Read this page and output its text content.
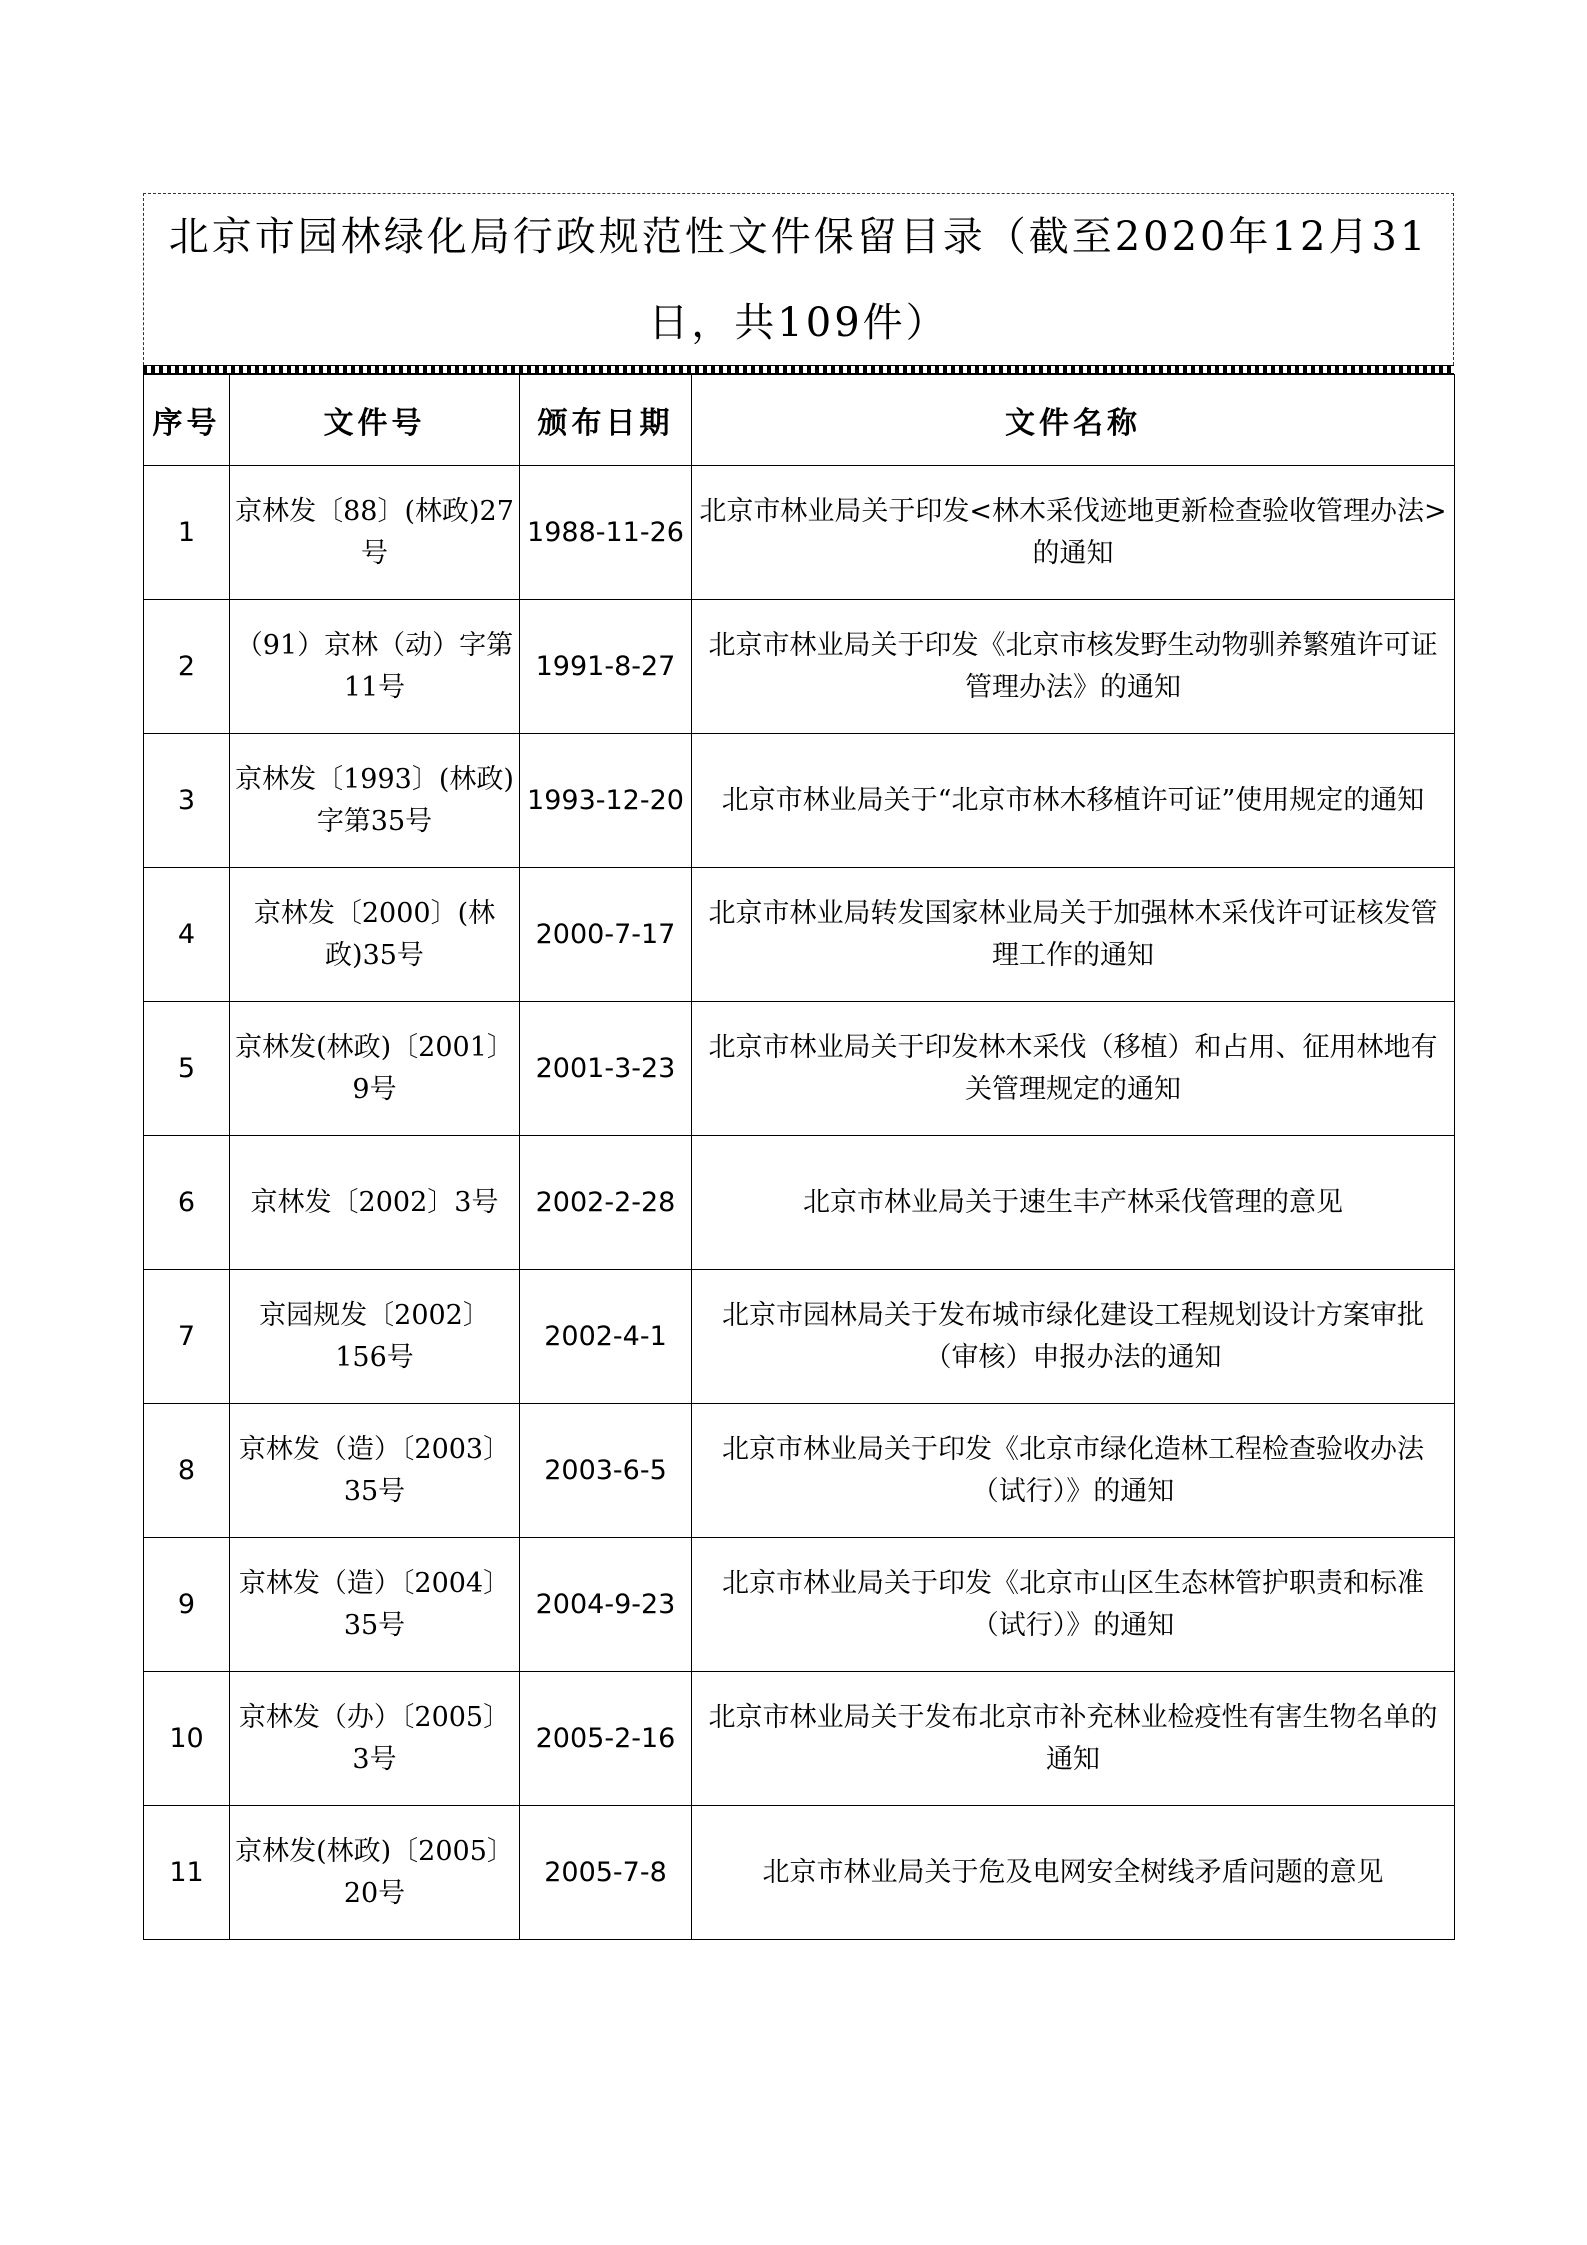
北京市园林绿化局行政规范性文件保留目录（截至2020年12月31日，共109件）
序号	文件号	颁布日期	文件名称
1	京林发〔88〕(林政)27号	1988-11-26	北京市林业局关于印发<林木采伐迹地更新检查验收管理办法>的通知
2	（91）京林（动）字第11号	1991-8-27	北京市林业局关于印发《北京市核发野生动物驯养繁殖许可证管理办法》的通知
3	京林发〔1993〕(林政)字第35号	1993-12-20	北京市林业局关于“北京市林木移植许可证”使用规定的通知
4	京林发〔2000〕(林政)35号	2000-7-17	北京市林业局转发国家林业局关于加强林木采伐许可证核发管理工作的通知
5	京林发(林政)〔2001〕9号	2001-3-23	北京市林业局关于印发林木采伐（移植）和占用、征用林地有关管理规定的通知
6	京林发〔2002〕3号	2002-2-28	北京市林业局关于速生丰产林采伐管理的意见
7	京园规发〔2002〕156号	2002-4-1	北京市园林局关于发布城市绿化建设工程规划设计方案审批（审核）申报办法的通知
8	京林发（造）〔2003〕35号	2003-6-5	北京市林业局关于印发《北京市绿化造林工程检查验收办法（试行）》的通知
9	京林发（造）〔2004〕35号	2004-9-23	北京市林业局关于印发《北京市山区生态林管护职责和标准（试行）》的通知
10	京林发（办）〔2005〕3号	2005-2-16	北京市林业局关于发布北京市补充林业检疫性有害生物名单的通知
11	京林发(林政)〔2005〕20号	2005-7-8	北京市林业局关于危及电网安全树线矛盾问题的意见
